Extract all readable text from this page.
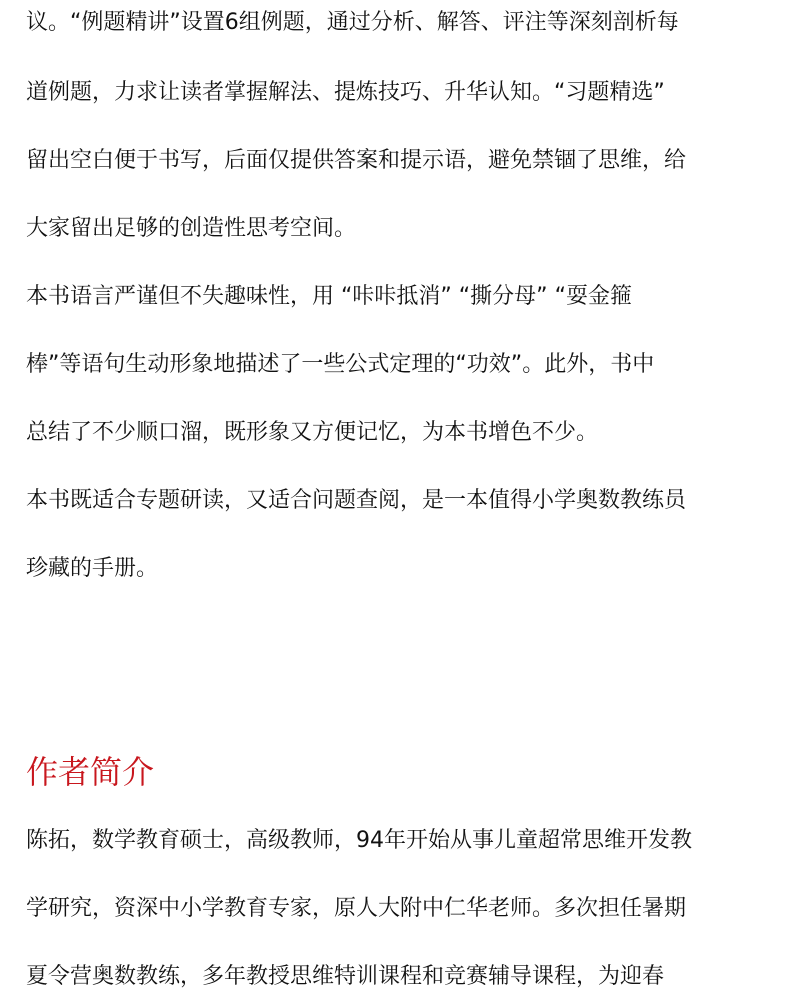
议。“例题精讲”设置6组例题，通过分析、解答、评注等深刻剖析每
道例题，力求让读者掌握解法、提炼技巧、升华认知。“习题精选”
留出空白便于书写，后面仅提供答案和提示语，避免禁锢了思维，给
大家留出足够的创造性思考空间。
本书语言严谨但不失趣味性，用 “咔咔抵消” “撕分母” “耍金箍
棒”等语句生动形象地描述了一些公式定理的“功效”。此外，书中
总结了不少顺口溜，既形象又方便记忆，为本书增色不少。
本书既适合专题研读，又适合问题查阅，是一本值得小学奥数教练员
珍藏的手册。
作者简介
陈拓，数学教育硕士，高级教师，94年开始从事儿童超常思维开发教
学研究，资深中小学教育专家，原人大附中仁华老师。多次担任暑期
夏令营奥数教练，多年教授思维特训课程和竞赛辅导课程，为迎春
